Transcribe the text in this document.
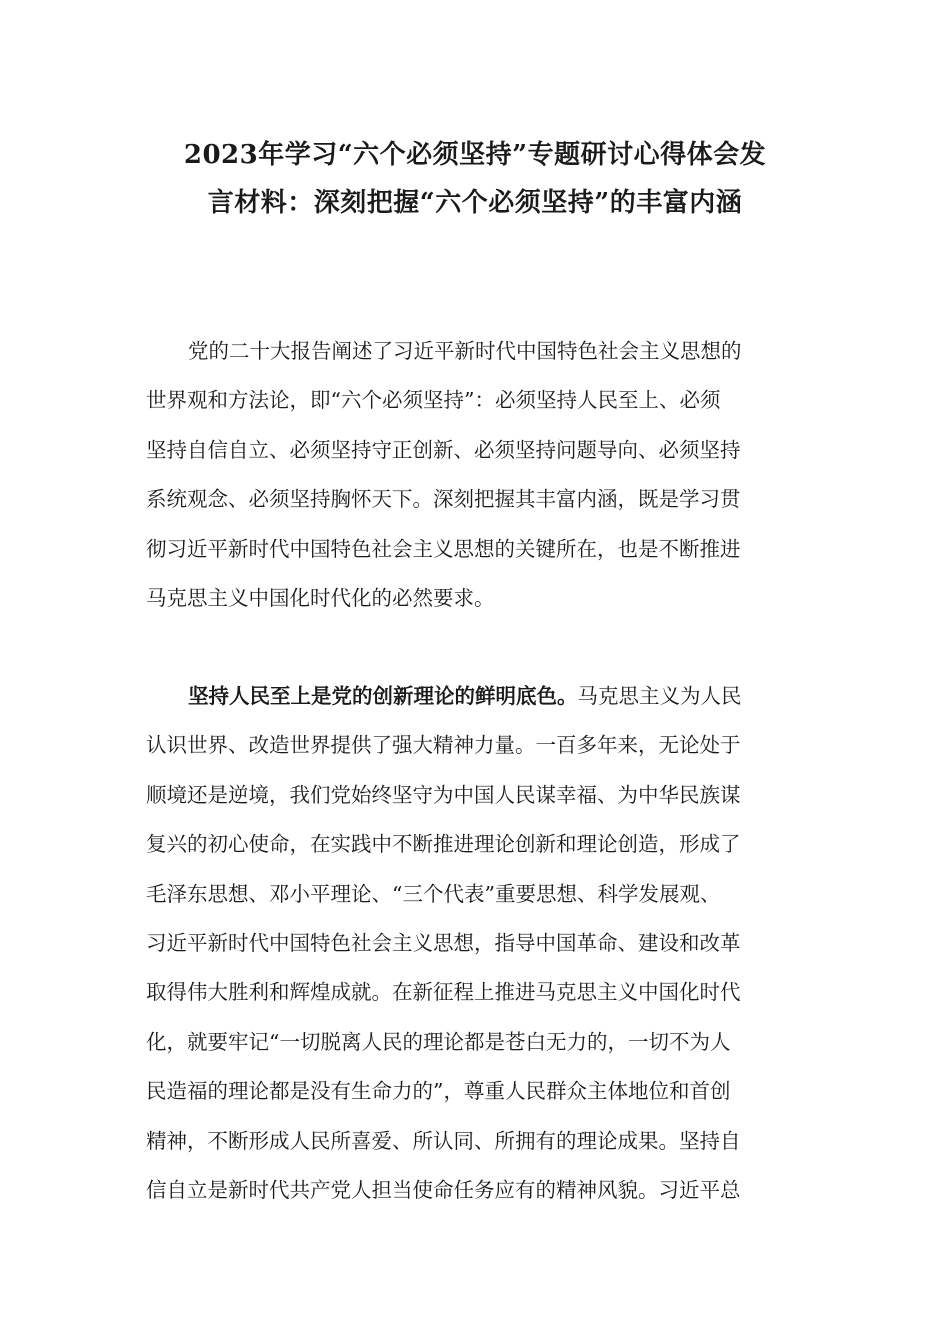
2023年学习“六个必须坚持”专题研讨心得体会发
言材料：深刻把握“六个必须坚持”的丰富内涵
党的二十大报告阐述了习近平新时代中国特色社会主义思想的
世界观和方法论，即“六个必须坚持”：必须坚持人民至上、必须
坚持自信自立、必须坚持守正创新、必须坚持问题导向、必须坚持
系统观念、必须坚持胸怀天下。深刻把握其丰富内涵，既是学习贯
彻习近平新时代中国特色社会主义思想的关键所在，也是不断推进
马克思主义中国化时代化的必然要求。
坚持人民至上是党的创新理论的鲜明底色。马克思主义为人民
认识世界、改造世界提供了强大精神力量。一百多年来，无论处于
顺境还是逆境，我们党始终坚守为中国人民谋幸福、为中华民族谋
复兴的初心使命，在实践中不断推进理论创新和理论创造，形成了
毛泽东思想、邓小平理论、“三个代表”重要思想、科学发展观、
习近平新时代中国特色社会主义思想，指导中国革命、建设和改革
取得伟大胜利和辉煌成就。在新征程上推进马克思主义中国化时代
化，就要牢记“一切脱离人民的理论都是苍白无力的，一切不为人
民造福的理论都是没有生命力的”，尊重人民群众主体地位和首创
精神，不断形成人民所喜爱、所认同、所拥有的理论成果。坚持自
信自立是新时代共产党人担当使命任务应有的精神风貌。习近平总
